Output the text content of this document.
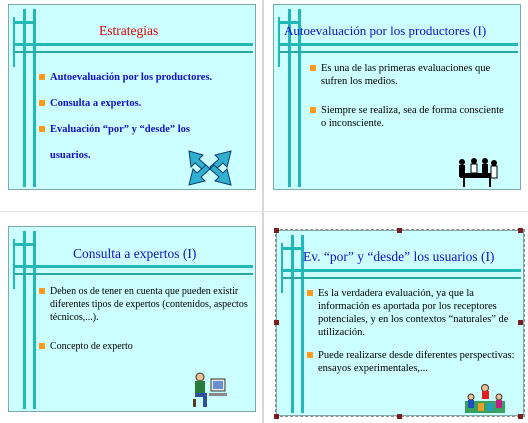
Estrategias
Autoevaluación por los productores.
Consulta a expertos.
Evaluación “por” y “desde” los
usuarios.
Autoevaluación por los productores (I)
Es una de las primeras evaluaciones que sufren los medios.
Siempre se realiza, sea de forma consciente o inconsciente.
Consulta a expertos (I)
Deben os de tener en cuenta que pueden existir diferentes tipos de expertos (contenidos, aspectos técnicos,...).
Concepto de experto
Ev. “por” y “desde” los usuarios (I)
Es la verdadera evaluación, ya que la información es aportada por los receptores potenciales, y en los contextos “naturales” de utilización.
Puede realizarse desde diferentes perspectivas: ensayos experimentales,...
